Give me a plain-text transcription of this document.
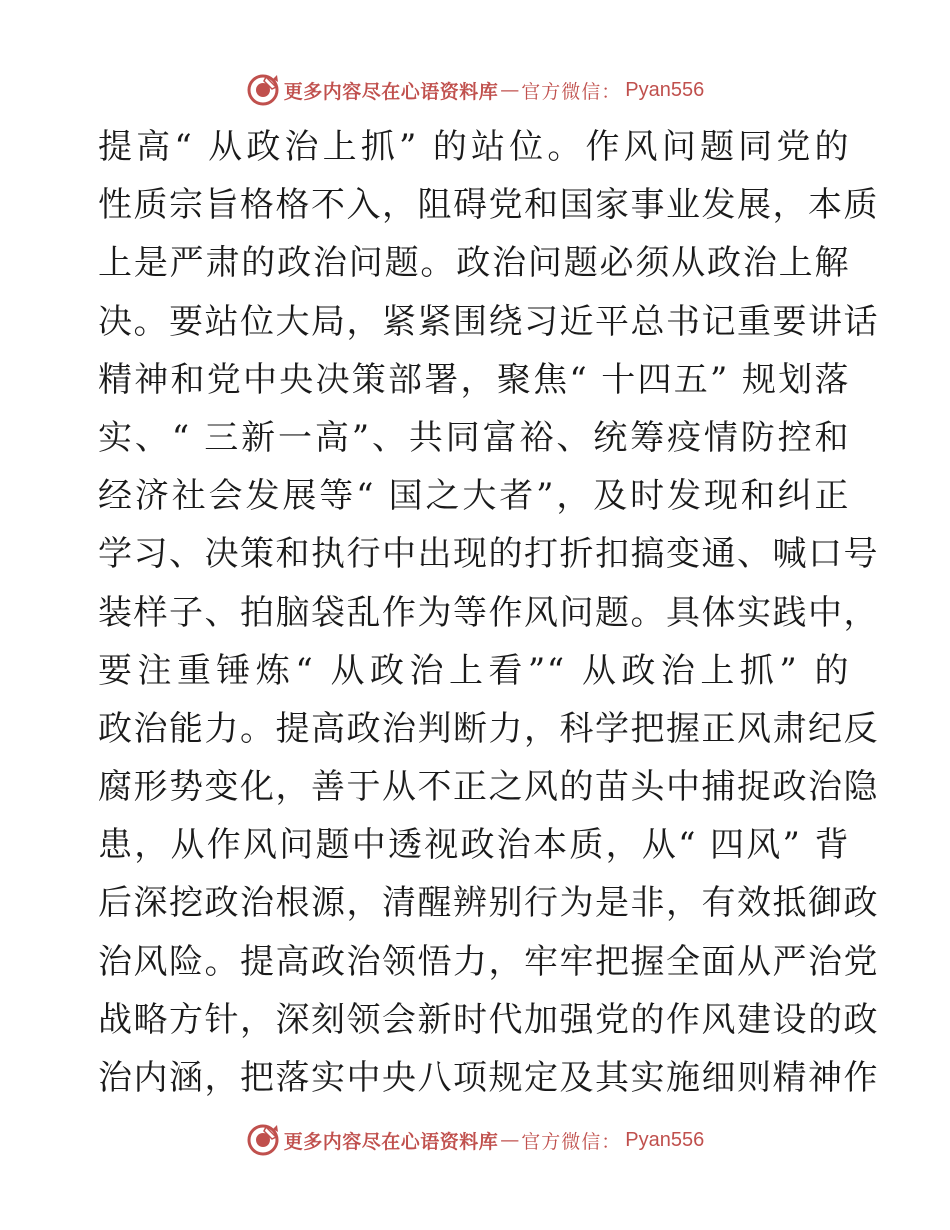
更多内容尽在心语资料库 — 官方微信： Pyan556
提高“ 从政治上抓” 的站位。作风问题同党的
性质宗旨格格不入，阻碍党和国家事业发展，本质
上是严肃的政治问题。政治问题必须从政治上解
决。要站位大局，紧紧围绕习近平总书记重要讲话
精神和党中央决策部署，聚焦“ 十四五” 规划落
实、“ 三新一高”、共同富裕、统筹疫情防控和
经济社会发展等“ 国之大者”，及时发现和纠正
学习、决策和执行中出现的打折扣搞变通、喊口号
装样子、拍脑袋乱作为等作风问题。具体实践中，
要注重锤炼“ 从政治上看”“ 从政治上抓” 的
政治能力。提高政治判断力，科学把握正风肃纪反
腐形势变化，善于从不正之风的苗头中捕捉政治隐
患，从作风问题中透视政治本质，从“ 四风” 背
后深挖政治根源，清醒辨别行为是非，有效抵御政
治风险。提高政治领悟力，牢牢把握全面从严治党
战略方针，深刻领会新时代加强党的作风建设的政
治内涵，把落实中央八项规定及其实施细则精神作
更多内容尽在心语资料库 — 官方微信： Pyan556
